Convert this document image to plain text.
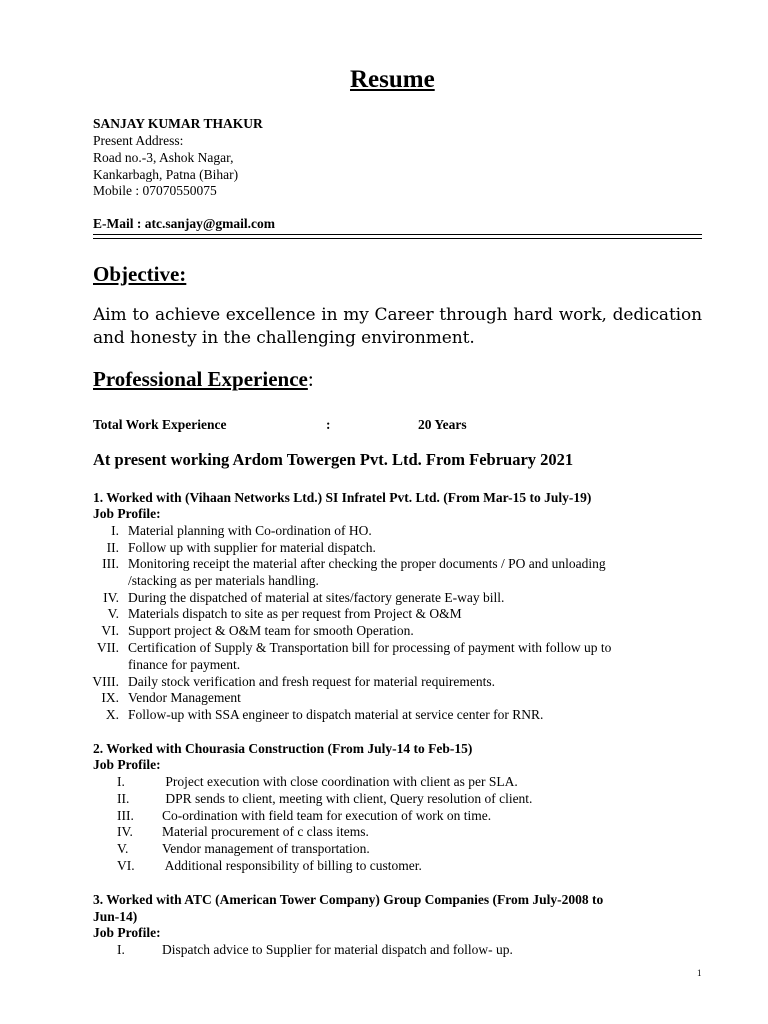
Resume
SANJAY KUMAR THAKUR
Present Address:
Road no.-3, Ashok Nagar,
Kankarbagh, Patna (Bihar)
Mobile : 07070550075
E-Mail : atc.sanjay@gmail.com
Objective:
Aim to achieve excellence in my Career through hard work, dedication and honesty in the challenging environment.
Professional Experience:
Total Work Experience	:	20 Years
At present working Ardom Towergen Pvt. Ltd. From February 2021
1. Worked with (Vihaan Networks Ltd.) SI Infratel Pvt. Ltd. (From Mar-15 to July-19)
Job Profile:
I. Material planning with Co-ordination of HO.
II. Follow up with supplier for material dispatch.
III. Monitoring receipt the material after checking the proper documents / PO and unloading
/stacking as per materials handling.
IV. During the dispatched of material at sites/factory generate E-way bill.
V. Materials dispatch to site as per request from Project & O&M
VI. Support project & O&M team for smooth Operation.
VII. Certification of Supply & Transportation bill for processing of payment with follow up to
finance for payment.
VIII. Daily stock verification and fresh request for material requirements.
IX. Vendor Management
X. Follow-up with SSA engineer to dispatch material at service center for RNR.
2. Worked with Chourasia Construction (From July-14 to Feb-15)
Job Profile:
I.	Project execution with close coordination with client as per SLA.
II. DPR sends to client, meeting with client, Query resolution of client.
III. Co-ordination with field team for execution of work on time.
IV. Material procurement of c class items.
V. Vendor management of transportation.
VI. Additional responsibility of billing to customer.
3. Worked with ATC (American Tower Company) Group Companies (From July-2008 to
Jun-14)
Job Profile:
I.	Dispatch advice to Supplier for material dispatch and follow- up.
1
